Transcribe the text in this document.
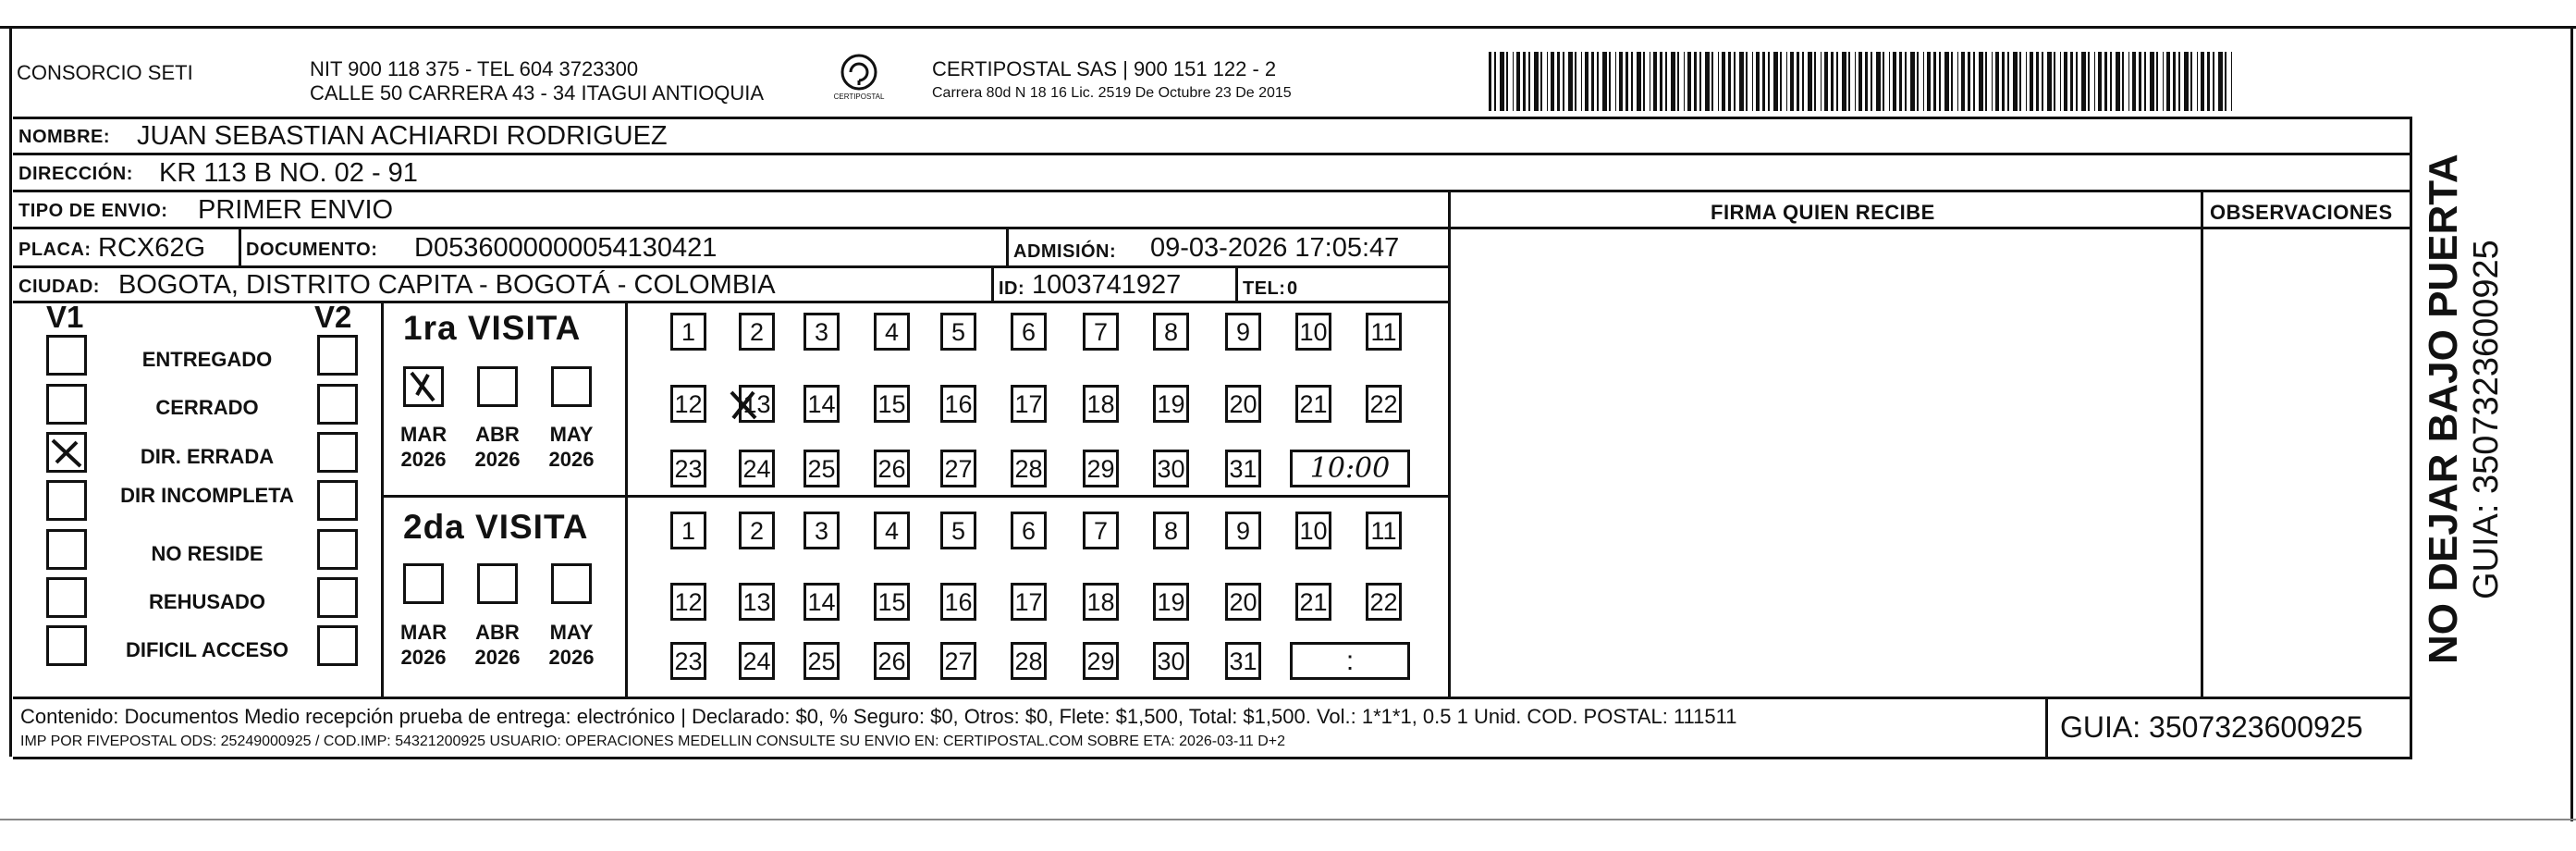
CONSORCIO SETI	NIT 900 118 375 - TEL 604 3723300
CALLE 50 CARRERA 43 - 34 ITAGUI ANTIOQUIA	CERTIPOSTAL
CERTIPOSTAL SAS | 900 151 122 - 2
Carrera 80d N 18 16 Lic. 2519 De Octubre 23 De 2015
NOMBRE: JUAN SEBASTIAN ACHIARDI RODRIGUEZ
DIRECCIÓN: KR 113 B NO. 02 - 91
TIPO DE ENVIO: PRIMER ENVIO
PLACA: RCX62G DOCUMENTO: D0536000000054130421	ADMISIÓN: 09-03-2026 17:05:47
CIUDAD: BOGOTA, DISTRITO CAPITA - BOGOTÁ - COLOMBIA	ID: 1003741927	TEL: 0
FIRMA QUIEN RECIBE	OBSERVACIONES
V1	V2
ENTREGADO
CERRADO
DIR. ERRADA
DIR INCOMPLETA
NO RESIDE
REHUSADO
DIFICIL ACCESO
1ra VISITA
2da VISITA
MAR
2026
ABR
2026
MAY
2026
MAR
2026
ABR
2026
MAY
2026
1	2	3	4	5	6	7	8	9	10 11
12 13 14 15 16 17 18 19 20 21 22
23 24 25 26 27 28 29 30 31	10:00
1	2	3	4	5	6	7	8	9	10 11
12 13 14 15 16 17 18 19 20 21 22
23 24 25 26 27 28 29 30 31	:
Contenido: Documentos Medio recepción prueba de entrega: electrónico | Declarado: $0, % Seguro: $0, Otros: $0, Flete: $1,500, Total: $1,500. Vol.: 1*1*1, 0.5 1 Unid. COD. POSTAL: 111511
IMP POR FIVEPOSTAL ODS: 25249000925 / COD.IMP: 54321200925 USUARIO: OPERACIONES MEDELLIN CONSULTE SU ENVIO EN: CERTIPOSTAL.COM SOBRE ETA: 2026-03-11 D+2	GUIA: 3507323600925
NO DEJAR BAJO PUERTA GUIA: 3507323600925
